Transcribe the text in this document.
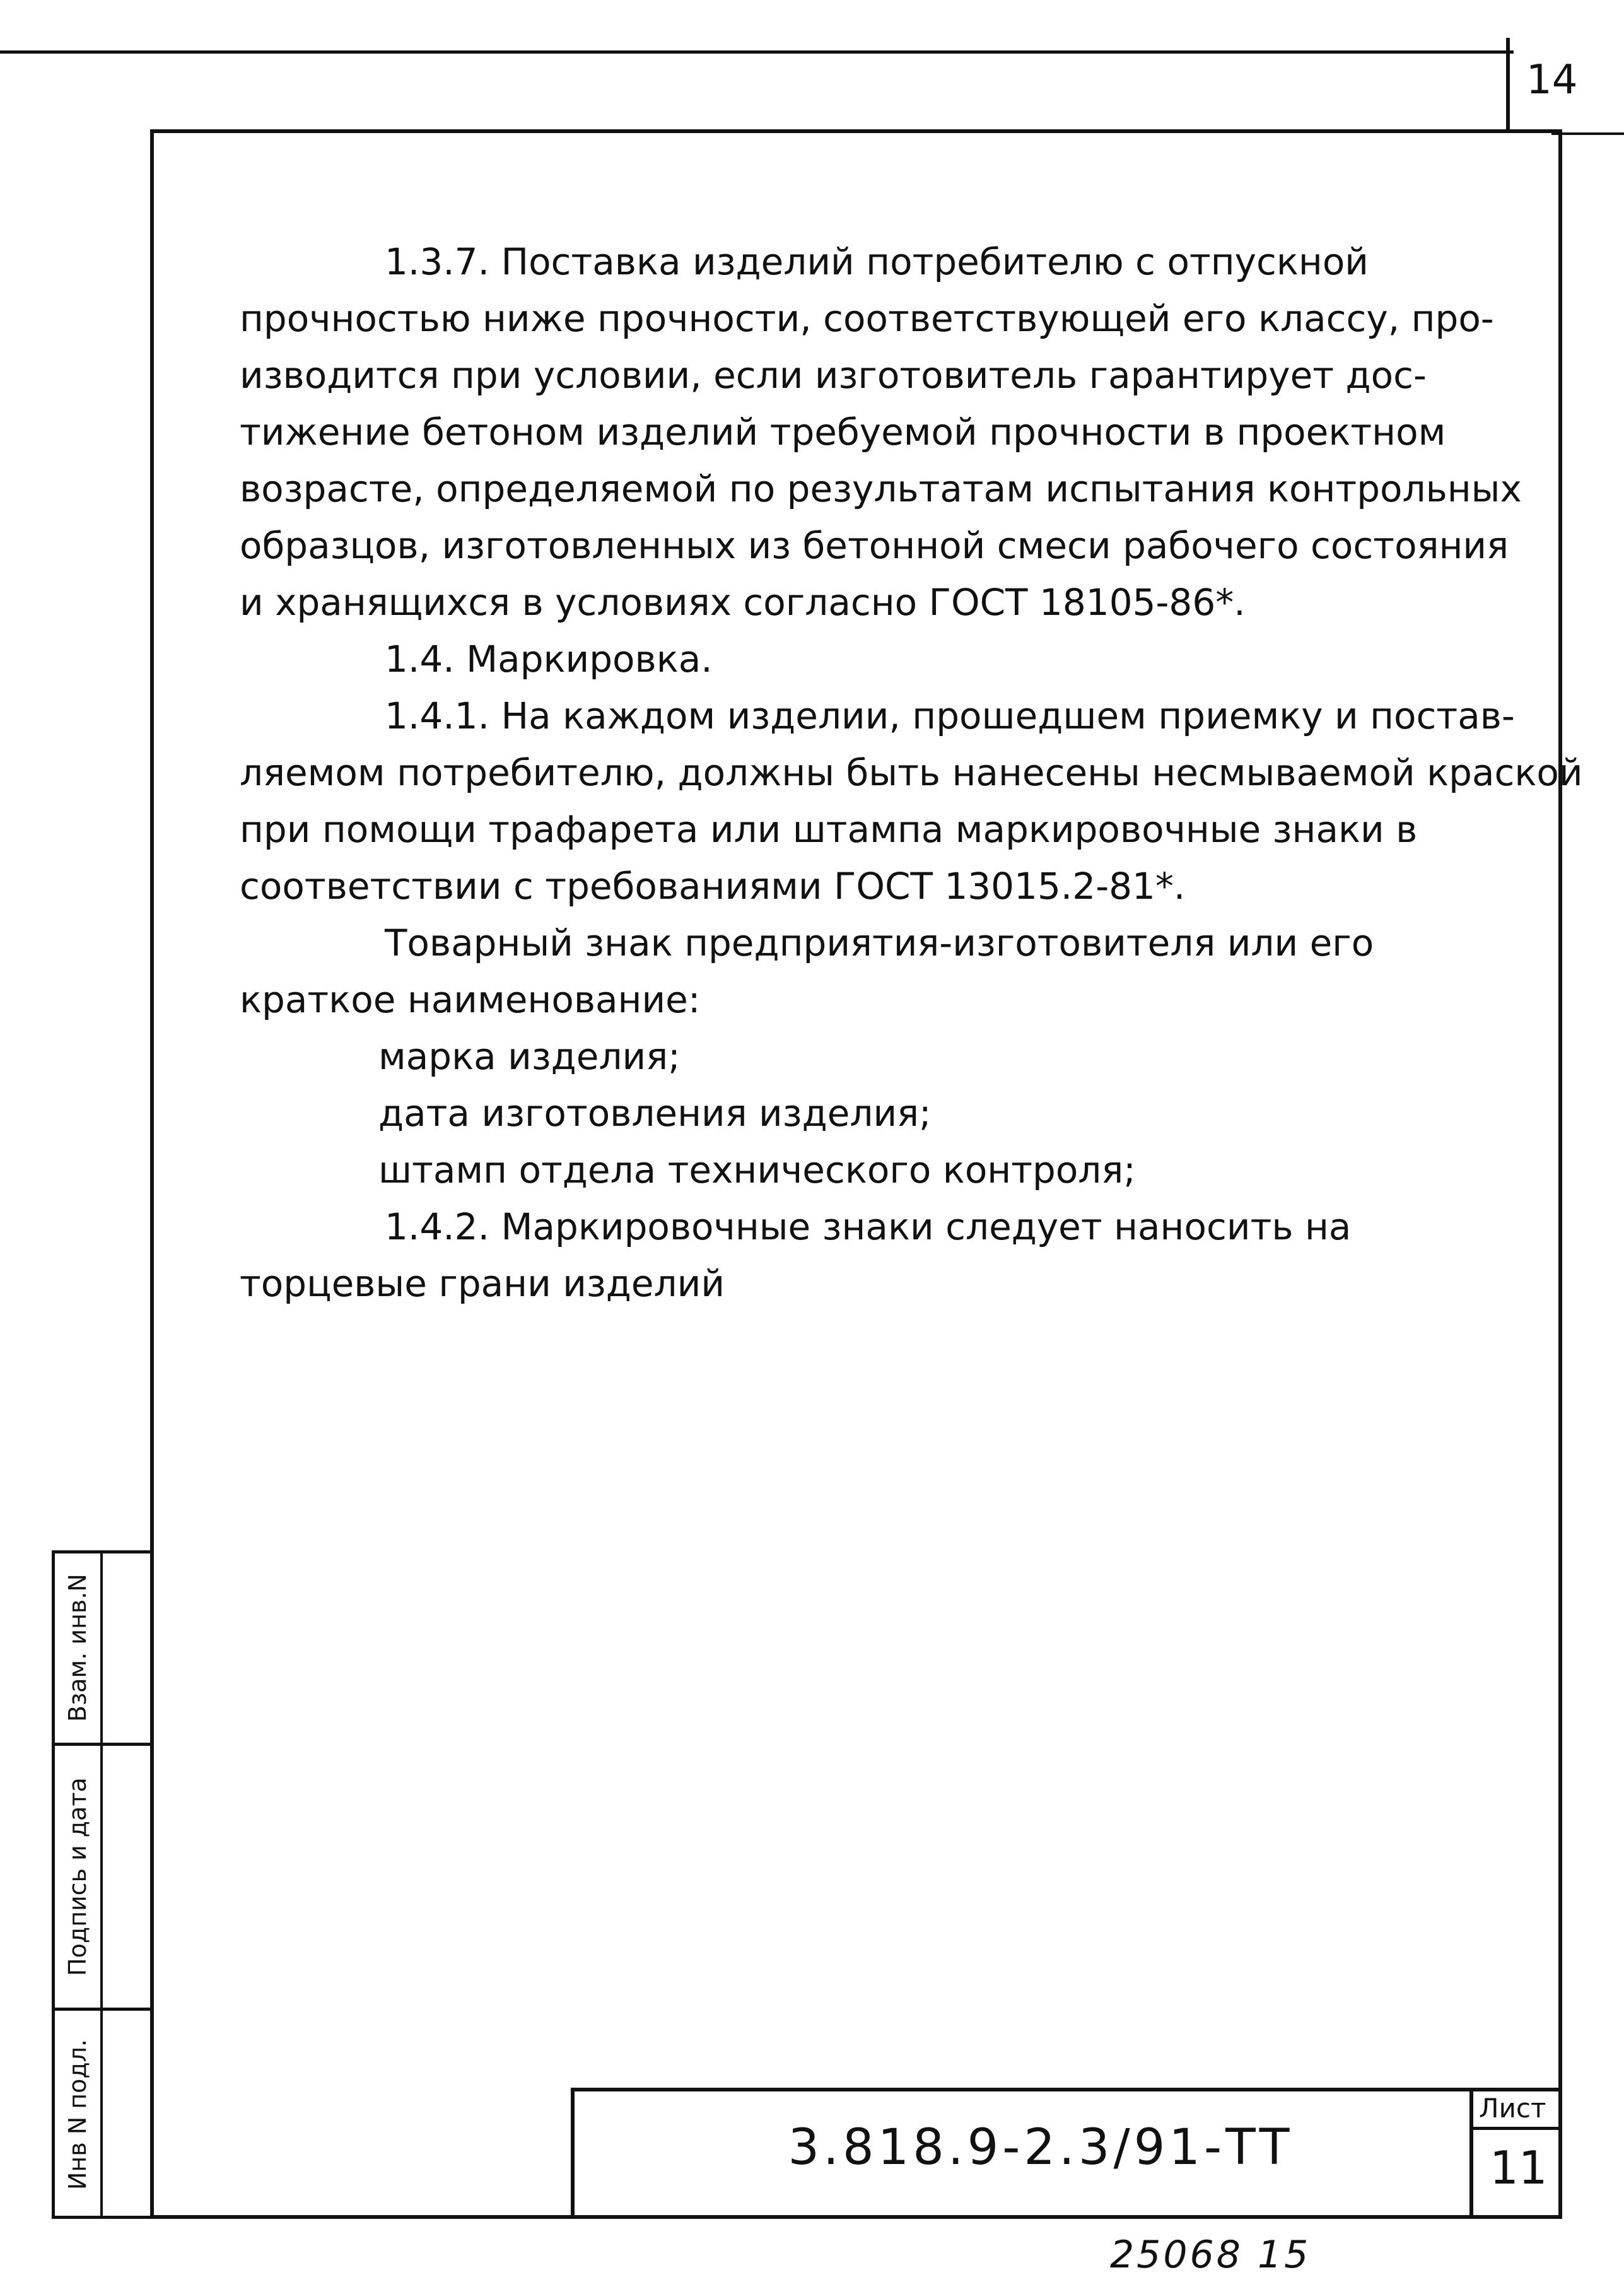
14
Взам. инв.N
Подпись и дата
Инв N подл.
1.3.7. Поставка изделий потребителю с отпускной
прочностью ниже прочности, соответствующей его классу, про-
изводится при условии, если изготовитель гарантирует дос-
тижение бетоном изделий требуемой прочности в проектном
возрасте, определяемой по результатам испытания контрольных
образцов, изготовленных из бетонной смеси рабочего состояния
и хранящихся в условиях согласно ГОСТ 18105-86*.
1.4. Маркировка.
1.4.1. На каждом изделии, прошедшем приемку и постав-
ляемом потребителю, должны быть нанесены несмываемой краской
при помощи трафарета или штампа маркировочные знаки в
соответствии с требованиями ГОСТ 13015.2-81*.
Товарный знак предприятия-изготовителя или его
краткое наименование:
марка изделия;
дата изготовления изделия;
штамп отдела технического контроля;
1.4.2. Маркировочные знаки следует наносить на
торцевые грани изделий
3.818.9-2.3/91-ТТ
Лист
11
25068 15
